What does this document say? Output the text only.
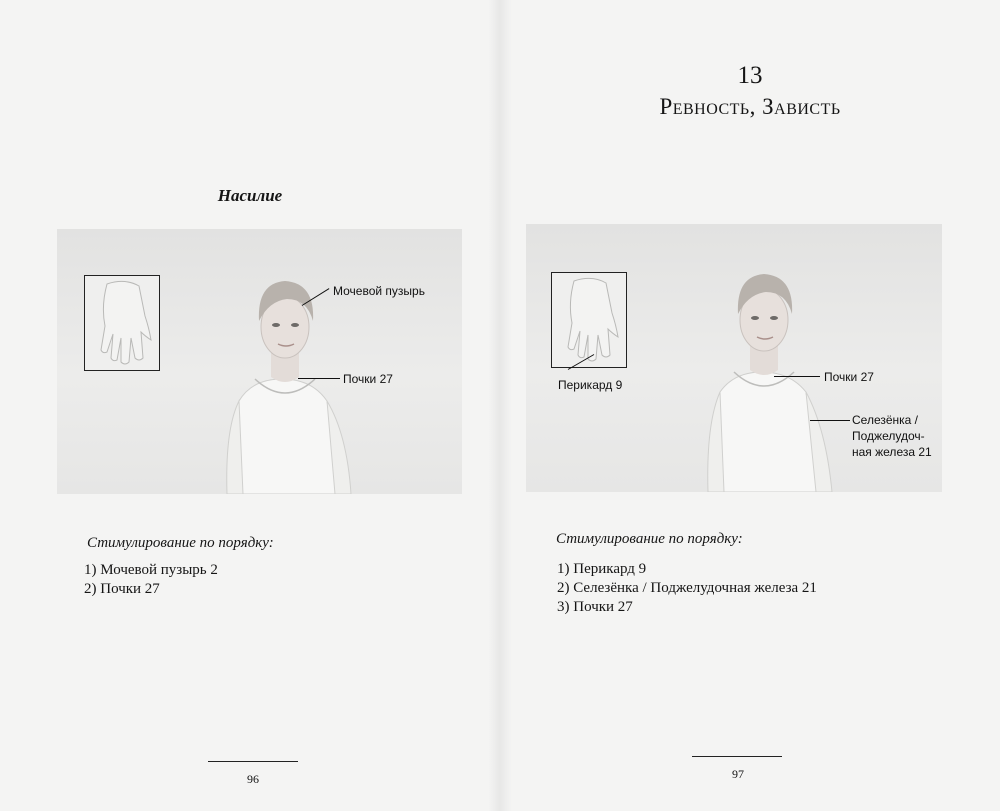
Насилие
Мочевой пузырь
Почки 27
Стимулирование по порядку:
1) Мочевой пузырь 2
2) Почки 27
96
13
Ревность, Зависть
Перикард 9
Почки 27
Селезёнка /
Поджелудоч-
ная железа 21
Стимулирование по порядку:
1) Перикард 9
2) Селезёнка / Поджелудочная железа 21
3) Почки 27
97
